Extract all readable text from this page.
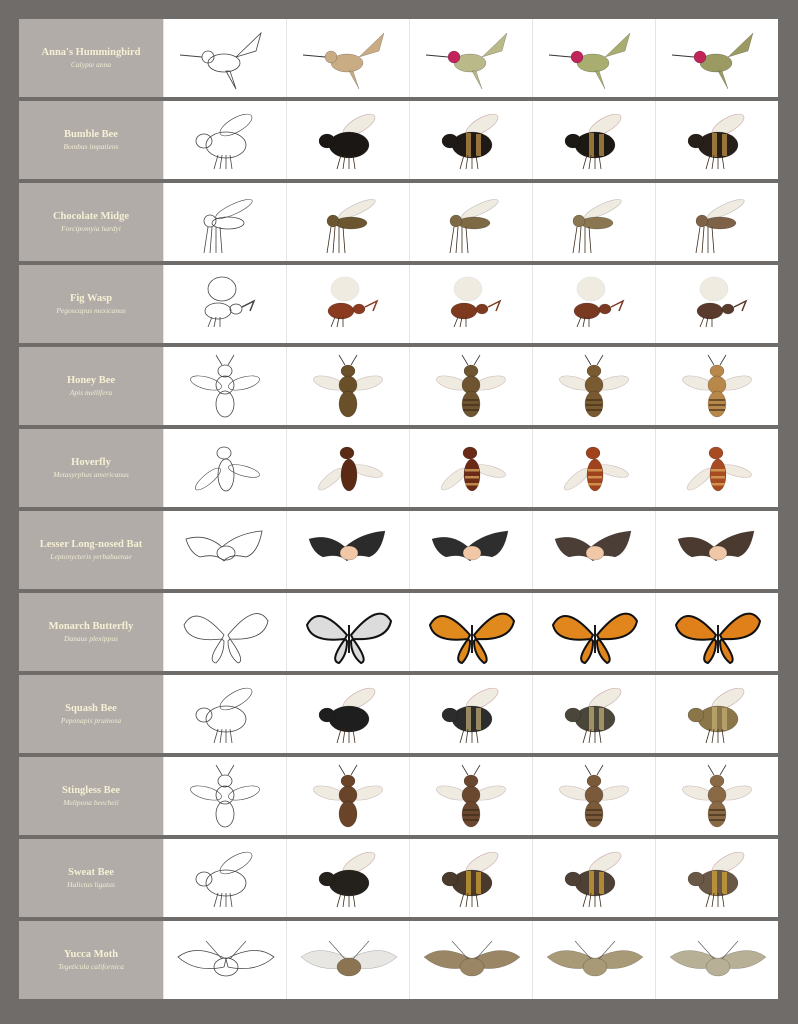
Anna's Hummingbird
Calypte anna
Bumble Bee
Bombus impatiens
Chocolate Midge
Forcipomyia hardyi
Fig Wasp
Pegoscapus mexicanus
Honey Bee
Apis mellifera
Hoverfly
Metasyrphus americanus
Lesser Long-nosed Bat
Leptonycteris yerbabuenae
Monarch Butterfly
Danaus plexippus
Squash Bee
Peponapis pruinosa
Stingless Bee
Melipona beecheii
Sweat Bee
Halictus ligatus
Yucca Moth
Tegeticula californica
